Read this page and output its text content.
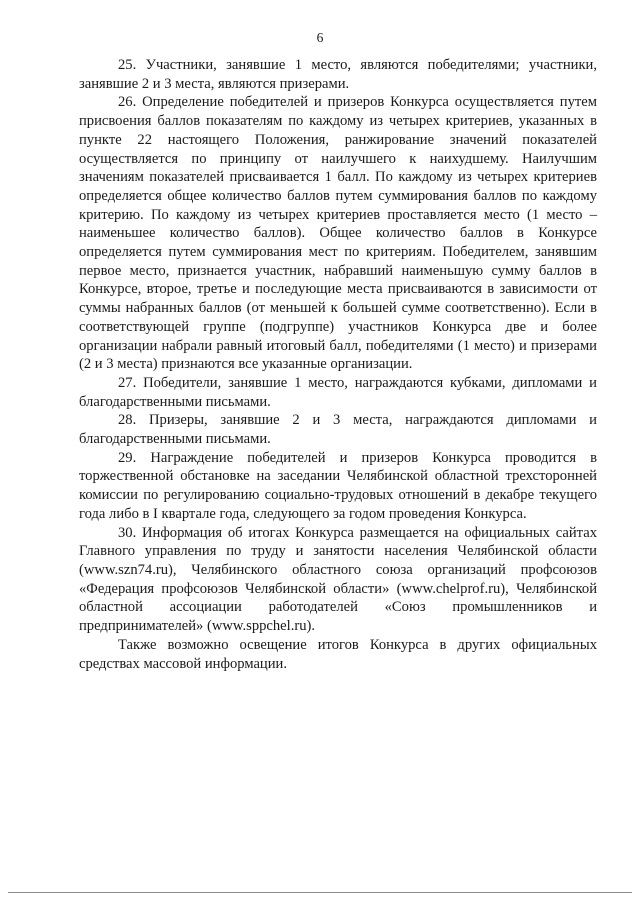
6

25. Участники, занявшие 1 место, являются победителями; участники, занявшие 2 и 3 места, являются призерами.

26. Определение победителей и призеров Конкурса осуществляется путем присвоения баллов показателям по каждому из четырех критериев, указанных в пункте 22 настоящего Положения, ранжирование значений показателей осуществляется по принципу от наилучшего к наихудшему. Наилучшим значениям показателей присваивается 1 балл. По каждому из четырех критериев определяется общее количество баллов путем суммирования баллов по каждому критерию. По каждому из четырех критериев проставляется место (1 место – наименьшее количество баллов). Общее количество баллов в Конкурсе определяется путем суммирования мест по критериям. Победителем, занявшим первое место, признается участник, набравший наименьшую сумму баллов в Конкурсе, второе, третье и последующие места присваиваются в зависимости от суммы набранных баллов (от меньшей к большей сумме соответственно). Если в соответствующей группе (подгруппе) участников Конкурса две и более организации набрали равный итоговый балл, победителями (1 место) и призерами (2 и 3 места) признаются все указанные организации.

27. Победители, занявшие 1 место, награждаются кубками, дипломами и благодарственными письмами.

28. Призеры, занявшие 2 и 3 места, награждаются дипломами и благодарственными письмами.

29. Награждение победителей и призеров Конкурса проводится в торжественной обстановке на заседании Челябинской областной трехсторонней комиссии по регулированию социально-трудовых отношений в декабре текущего года либо в I квартале года, следующего за годом проведения Конкурса.

30. Информация об итогах Конкурса размещается на официальных сайтах Главного управления по труду и занятости населения Челябинской области (www.szn74.ru), Челябинского областного союза организаций профсоюзов «Федерация профсоюзов Челябинской области» (www.chelprof.ru), Челябинской областной ассоциации работодателей «Союз промышленников и предпринимателей» (www.sppchel.ru).

Также возможно освещение итогов Конкурса в других официальных средствах массовой информации.
